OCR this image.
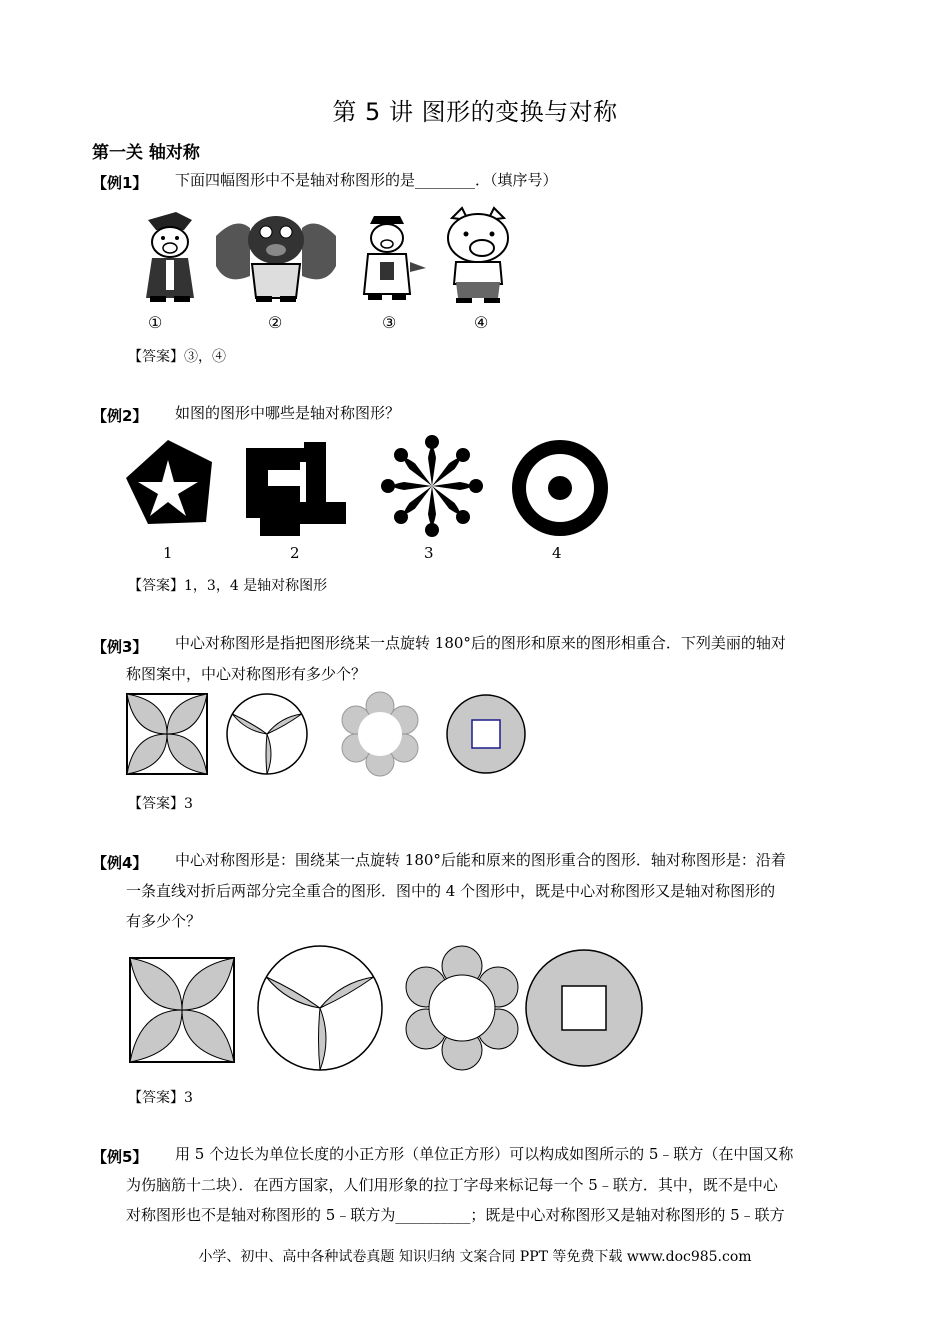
第 5 讲 图形的变换与对称
第一关 轴对称
【例1】 下面四幅图形中不是轴对称图形的是________．（填序号）
①	②	③	④
【答案】③，④
【例2】 如图的图形中哪些是轴对称图形？
1	2	3	4
【答案】1，3，4 是轴对称图形
【例3】 中心对称图形是指把图形绕某一点旋转 180°后的图形和原来的图形相重合．下列美丽的轴对
称图案中，中心对称图形有多少个？
【答案】3
【例4】 中心对称图形是：围绕某一点旋转 180°后能和原来的图形重合的图形．轴对称图形是：沿着
一条直线对折后两部分完全重合的图形．图中的 4 个图形中，既是中心对称图形又是轴对称图形的
有多少个？
【答案】3
【例5】 用 5 个边长为单位长度的小正方形（单位正方形）可以构成如图所示的 5﹣联方（在中国又称
为伤脑筋十二块）．在西方国家，人们用形象的拉丁字母来标记每一个 5﹣联方．其中，既不是中心
对称图形也不是轴对称图形的 5﹣联方为__________；既是中心对称图形又是轴对称图形的 5﹣联方
小学、初中、高中各种试卷真题 知识归纳 文案合同 PPT 等免费下载 www.doc985.com
